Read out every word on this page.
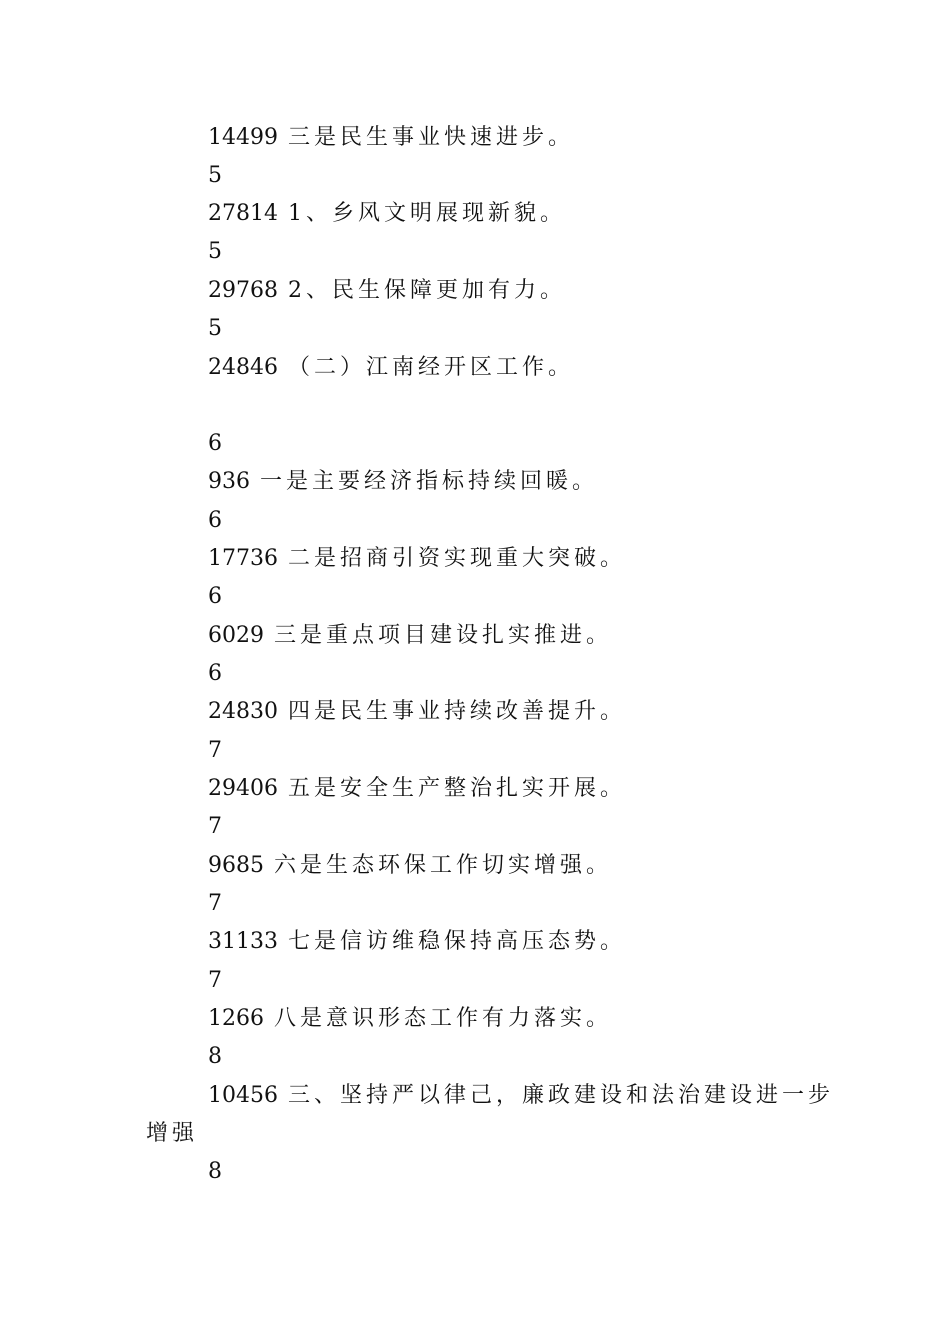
14499 三是民生事业快速进步。
5
27814 1、乡风文明展现新貌。
5
29768 2、民生保障更加有力。
5
24846 （二）江南经开区工作。
6
936 一是主要经济指标持续回暖。
6
17736 二是招商引资实现重大突破。
6
6029 三是重点项目建设扎实推进。
6
24830 四是民生事业持续改善提升。
7
29406 五是安全生产整治扎实开展。
7
9685 六是生态环保工作切实增强。
7
31133 七是信访维稳保持高压态势。
7
1266 八是意识形态工作有力落实。
8
10456 三、坚持严以律己，廉政建设和法治建设进一步
增强
8
